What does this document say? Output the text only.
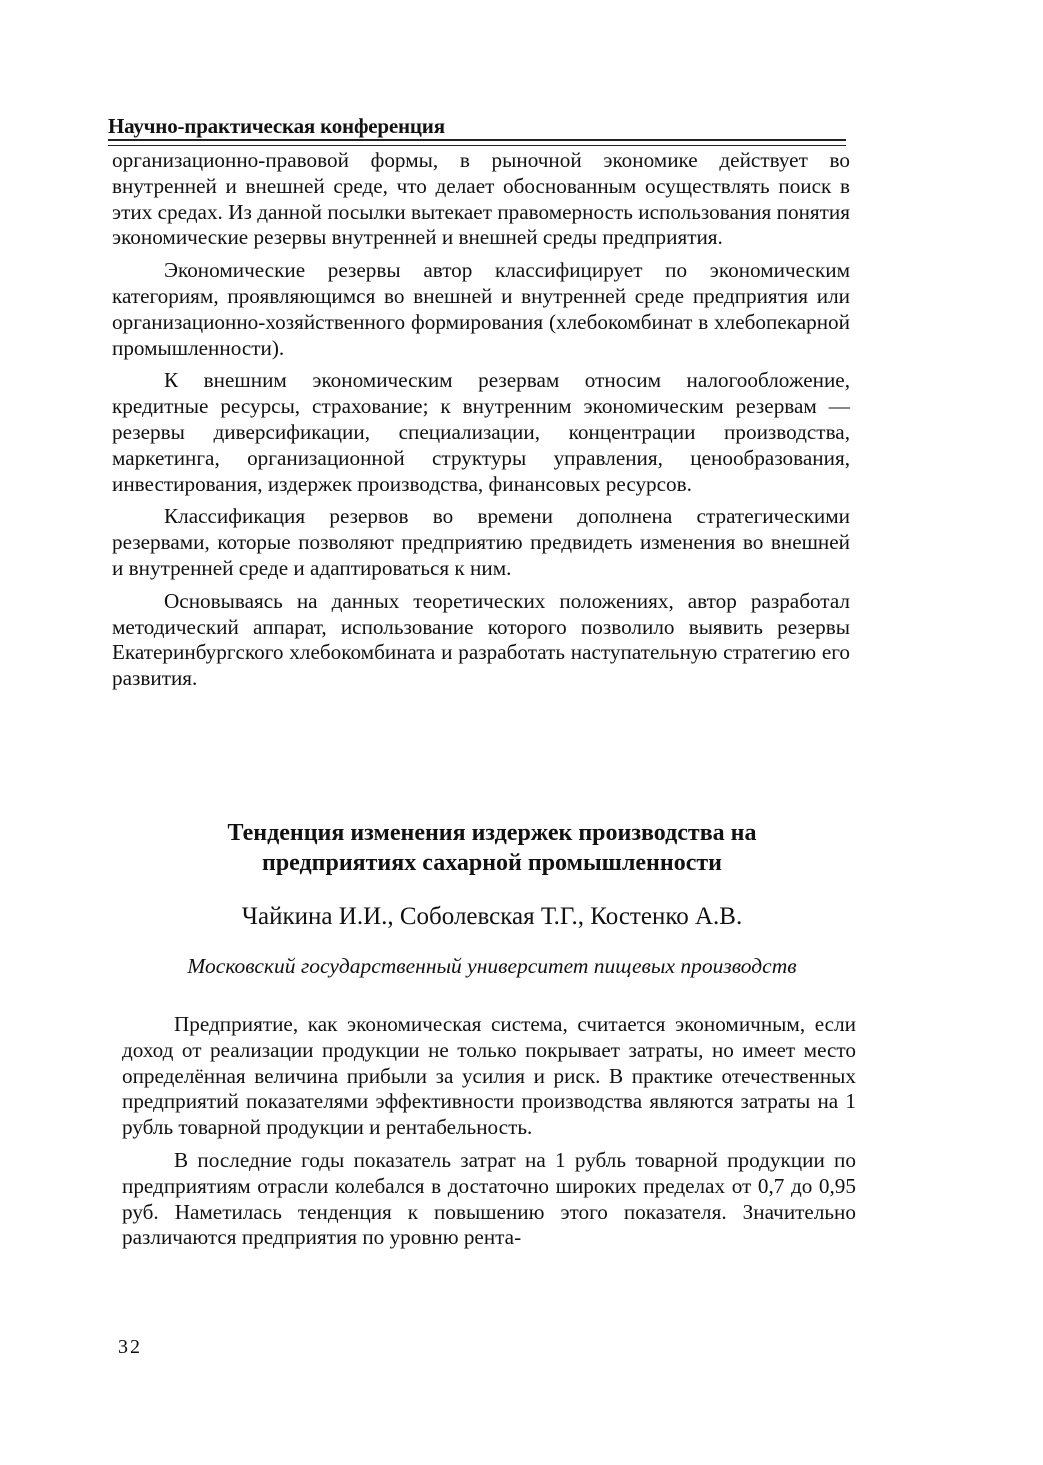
Научно-практическая конференция

организационно-правовой формы, в рыночной экономике действует во внутренней и внешней среде, что делает обоснованным осуществлять поиск в этих средах. Из данной посылки вытекает правомерность использования понятия экономические резервы внутренней и внешней среды предприятия.

Экономические резервы автор классифицирует по экономическим категориям, проявляющимся во внешней и внутренней среде предприятия или организационно-хозяйственного формирования (хлебокомбинат в хлебопекарной промышленности).

К внешним экономическим резервам относим налогообложение, кредитные ресурсы, страхование; к внутренним экономическим резервам — резервы диверсификации, специализации, концентрации производства, маркетинга, организационной структуры управления, ценообразования, инвестирования, издержек производства, финансовых ресурсов.

Классификация резервов во времени дополнена стратегическими резервами, которые позволяют предприятию предвидеть изменения во внешней и внутренней среде и адаптироваться к ним.

Основываясь на данных теоретических положениях, автор разработал методический аппарат, использование которого позволило выявить резервы Екатеринбургского хлебокомбината и разработать наступательную стратегию его развития.

Тенденция изменения издержек производства на
предприятиях сахарной промышленности
Чайкина И.И., Соболевская Т.Г., Костенко А.В.
Московский государственный университет пищевых производств

Предприятие, как экономическая система, считается экономичным, если доход от реализации продукции не только покрывает затраты, но имеет место определённая величина прибыли за усилия и риск. В практике отечественных предприятий показателями эффективности производства являются затраты на 1 рубль товарной продукции и рентабельность.

В последние годы показатель затрат на 1 рубль товарной продукции по предприятиям отрасли колебался в достаточно широких пределах от 0,7 до 0,95 руб. Наметилась тенденция к повышению этого показателя. Значительно различаются предприятия по уровню рента-

32
